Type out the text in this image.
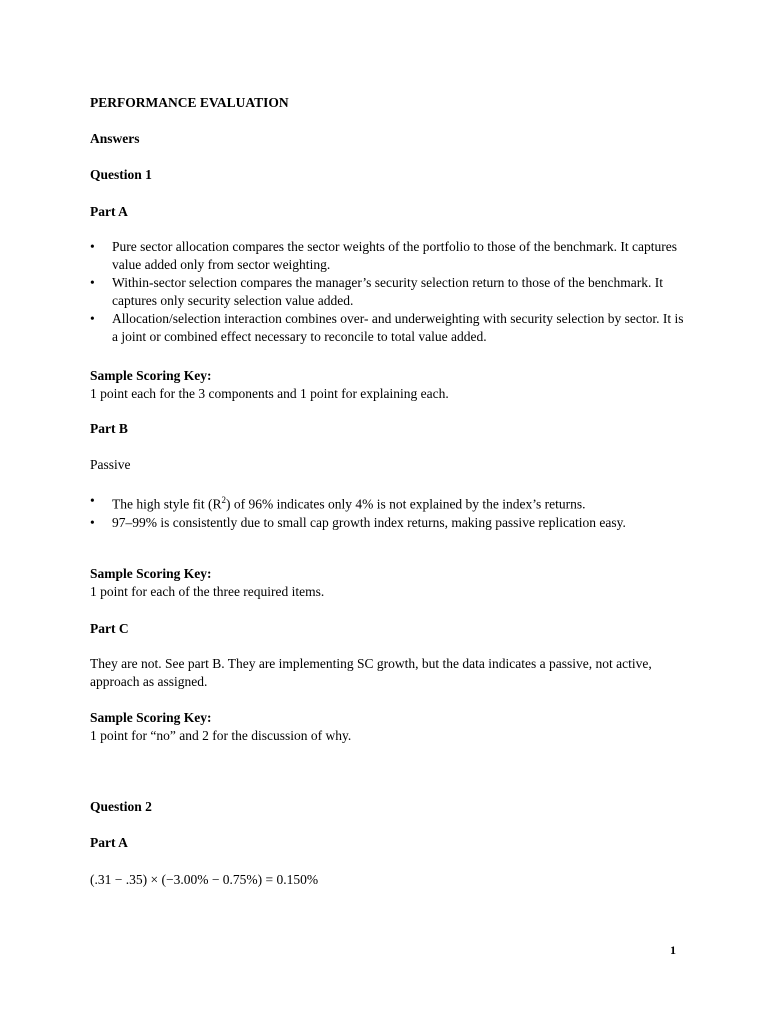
PERFORMANCE EVALUATION
Answers
Question 1
Part A
•	Pure sector allocation compares the sector weights of the portfolio to those of the benchmark. It captures value added only from sector weighting.
•	Within-sector selection compares the manager’s security selection return to those of the benchmark. It captures only security selection value added.
•	Allocation/selection interaction combines over- and underweighting with security selection by sector. It is a joint or combined effect necessary to reconcile to total value added.
Sample Scoring Key:
1 point each for the 3 components and 1 point for explaining each.
Part B
Passive
•	The high style fit $(R^2)$ of 96% indicates only 4% is not explained by the index’s returns.
•	97–99% is consistently due to small cap growth index returns, making passive replication easy.
Sample Scoring Key:
1 point for each of the three required items.
Part C
They are not. See part B. They are implementing SC growth, but the data indicates a passive, not active, approach as assigned.
Sample Scoring Key:
1 point for “no” and 2 for the discussion of why.
Question 2
Part A
(.31 − .35) × (−3.00% − 0.75%) = 0.150%
1
